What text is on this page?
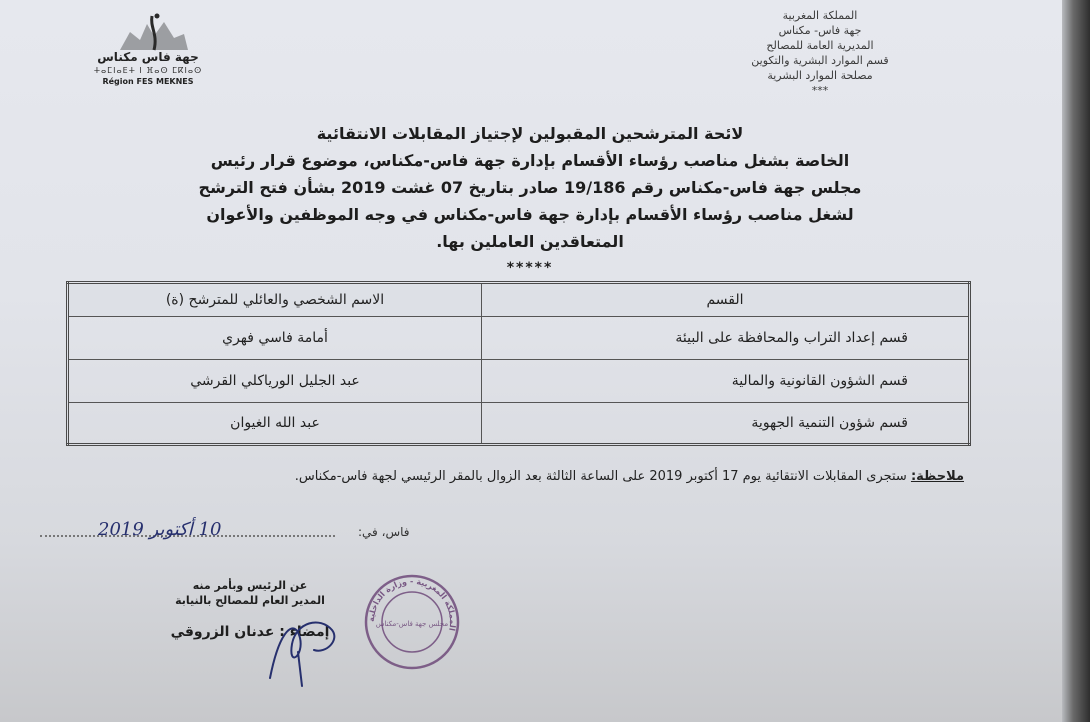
المملكة المغربية
جهة فاس- مكناس
المديرية العامة للمصالح
قسم الموارد البشرية والتكوين
مصلحة الموارد البشرية
***
جهة فاس مكناس
ⵜⴰⵎⵏⴰⴹⵜ ⵏ ⴼⴰⵙ ⵎⴽⵏⴰⵙ
Région FES MEKNES
لائحة المترشحين المقبولين لإجتياز المقابلات الانتقائية
الخاصة بشغل مناصب رؤساء الأقسام بإدارة جهة فاس-مكناس، موضوع قرار رئيس
مجلس جهة فاس-مكناس رقم 19/186 صادر بتاريخ 07 غشت 2019 بشأن فتح الترشح
لشغل مناصب رؤساء الأقسام بإدارة جهة فاس-مكناس في وجه الموظفين والأعوان
المتعاقدين العاملين بها.
*****
القسم	الاسم الشخصي والعائلي للمترشح (ة)
قسم إعداد التراب والمحافظة على البيئة	أمامة فاسي فهري
قسم الشؤون القانونية والمالية	عبد الجليل الورياكلي القرشي
قسم شؤون التنمية الجهوية	عبد الله الغيوان
ملاحظة: ستجرى المقابلات الانتقائية يوم 17 أكتوبر 2019 على الساعة الثالثة بعد الزوال بالمقر الرئيسي لجهة فاس-مكناس.
10 أكتوبر 2019	فاس، في:
عن الرئيس وبأمر منه
المدير العام للمصالح بالنيابة
إمضاء : عدنان الزروقي
المملكة المغربية - وزارة الداخلية
مجلس جهة فاس-مكناس
